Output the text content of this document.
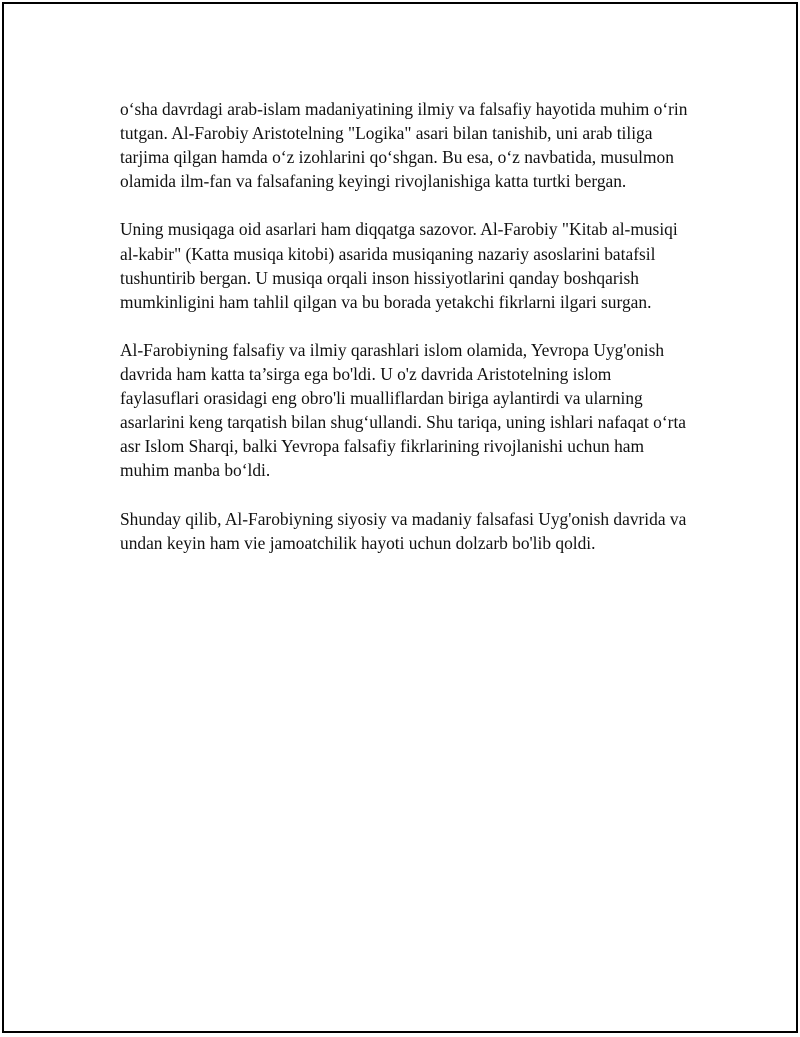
o‘sha davrdagi arab-islam madaniyatining ilmiy va falsafiy hayotida muhim o‘rin tutgan. Al-Farobiy Aristotelning "Logika" asari bilan tanishib, uni arab tiliga tarjima qilgan hamda o‘z izohlarini qo‘shgan. Bu esa, o‘z navbatida, musulmon olamida ilm-fan va falsafaning keyingi rivojlanishiga katta turtki bergan.

Uning musiqaga oid asarlari ham diqqatga sazovor. Al-Farobiy "Kitab al-musiqi al-kabir" (Katta musiqa kitobi) asarida musiqaning nazariy asoslarini batafsil tushuntirib bergan. U musiqa orqali inson hissiyotlarini qanday boshqarish mumkinligini ham tahlil qilgan va bu borada yetakchi fikrlarni ilgari surgan.

Al-Farobiyning falsafiy va ilmiy qarashlari islom olamida, Yevropa Uyg'onish davrida ham katta ta’sirga ega bo'ldi. U o'z davrida Aristotelning islom faylasuflari orasidagi eng obro'li mualliflardan biriga aylantirdi va ularning asarlarini keng tarqatish bilan shug‘ullandi. Shu tariqa, uning ishlari nafaqat o‘rta asr Islom Sharqi, balki Yevropa falsafiy fikrlarining rivojlanishi uchun ham muhim manba bo‘ldi.

Shunday qilib, Al-Farobiyning siyosiy va madaniy falsafasi Uyg'onish davrida va undan keyin ham vie jamoatchilik hayoti uchun dolzarb bo'lib qoldi.
